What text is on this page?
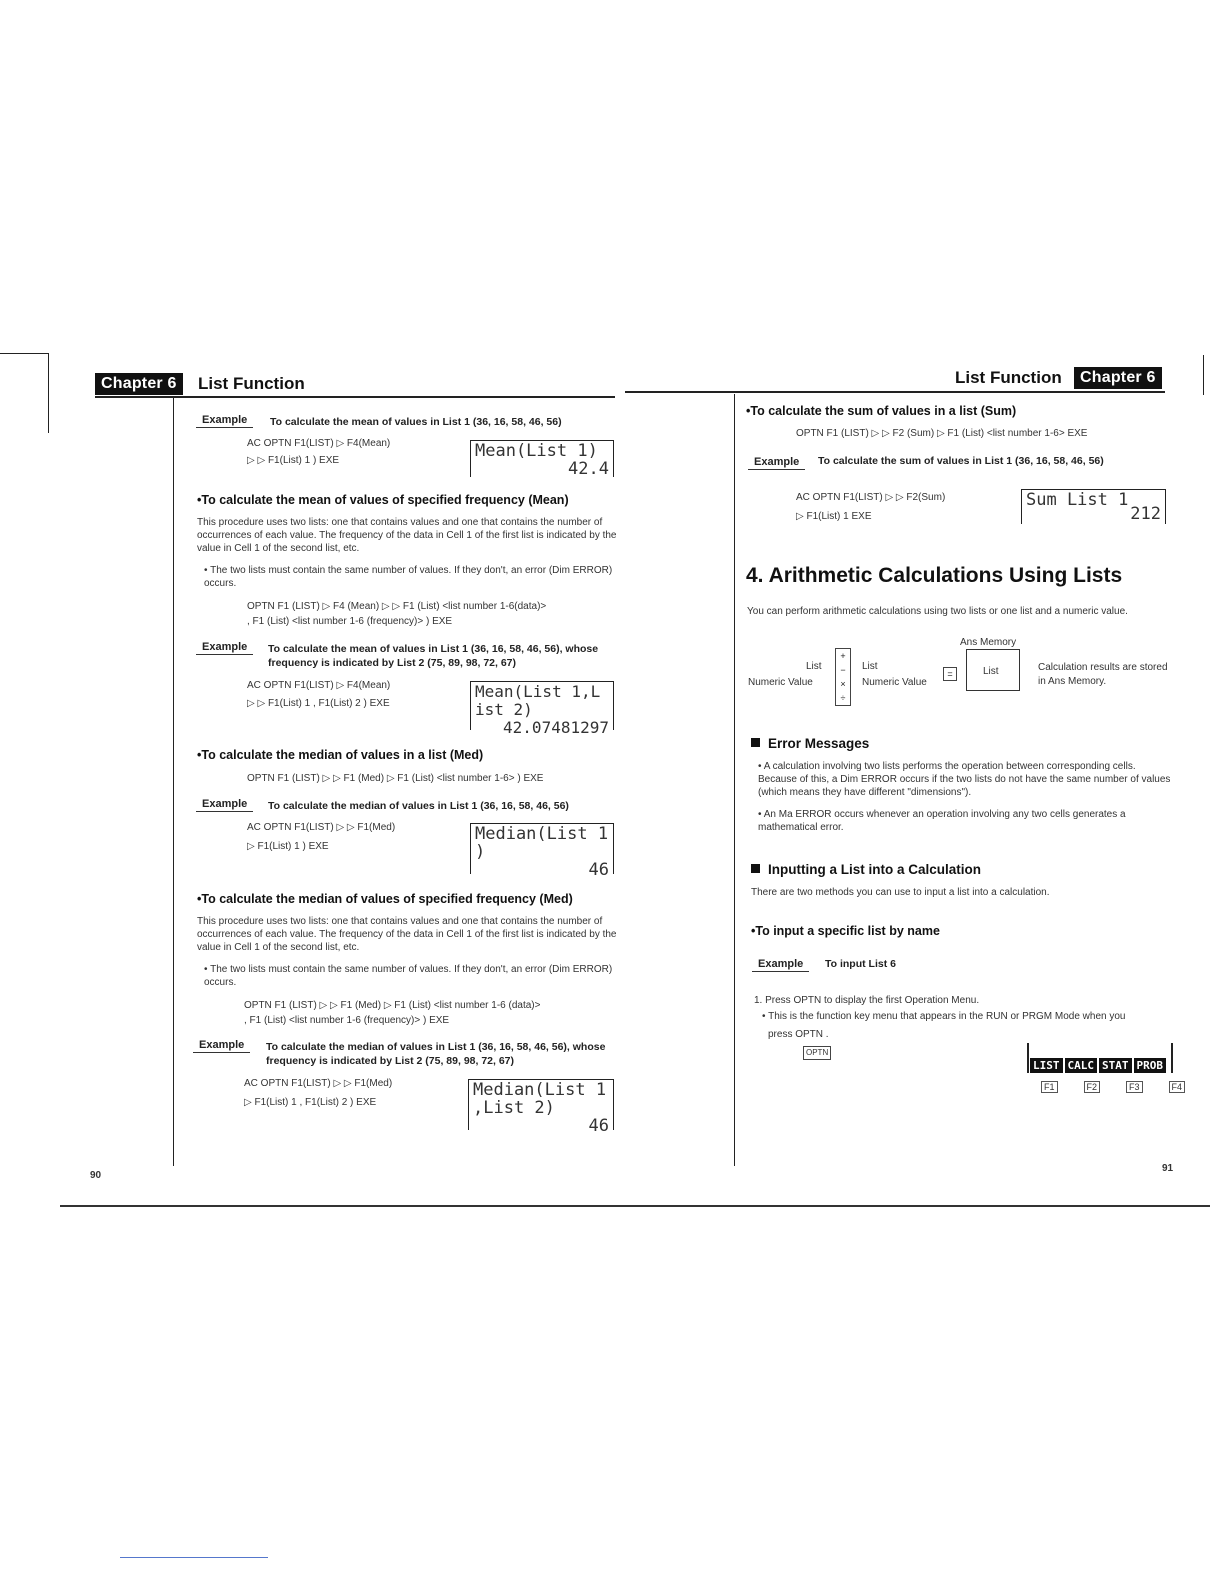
Chapter 6	List Function
Example	To calculate the mean of values in List 1 (36, 16, 58, 46, 56)
AC OPTN F1(LIST) ▷ F4(Mean)
▷ ▷ F1(List) 1 ) EXE	Mean(List 1)
42.4
•To calculate the mean of values of specified frequency (Mean)
This procedure uses two lists: one that contains values and one that contains the number of occurrences of each value. The frequency of the data in Cell 1 of the first list is indicated by the value in Cell 1 of the second list, etc.
• The two lists must contain the same number of values. If they don't, an error (Dim ERROR) occurs.
OPTN F1 (LIST) ▷ F4 (Mean) ▷ ▷ F1 (List) <list number 1-6(data)>
, F1 (List) <list number 1-6 (frequency)> ) EXE
Example	To calculate the mean of values in List 1 (36, 16, 58, 46, 56), whose frequency is indicated by List 2 (75, 89, 98, 72, 67)
AC OPTN F1(LIST) ▷ F4(Mean)
▷ ▷ F1(List) 1 , F1(List) 2 ) EXE
Mean(List 1,L
ist 2)
42.07481297
•To calculate the median of values in a list (Med)
OPTN F1 (LIST) ▷ ▷ F1 (Med) ▷ F1 (List) <list number 1-6> ) EXE
Example	To calculate the median of values in List 1 (36, 16, 58, 46, 56)
AC OPTN F1(LIST) ▷ ▷ F1(Med)
▷ F1(List) 1 ) EXE
Median(List 1
)
46
•To calculate the median of values of specified frequency (Med)
This procedure uses two lists: one that contains values and one that contains the number of occurrences of each value. The frequency of the data in Cell 1 of the first list is indicated by the value in Cell 1 of the second list, etc.
• The two lists must contain the same number of values. If they don't, an error (Dim ERROR) occurs.
OPTN F1 (LIST) ▷ ▷ F1 (Med) ▷ F1 (List) <list number 1-6 (data)>
, F1 (List) <list number 1-6 (frequency)> ) EXE
Example	To calculate the median of values in List 1 (36, 16, 58, 46, 56), whose frequency is indicated by List 2 (75, 89, 98, 72, 67)
AC OPTN F1(LIST) ▷ ▷ F1(Med)
▷ F1(List) 1 , F1(List) 2 ) EXE
Median(List 1
,List 2)
46
90
List Function	Chapter 6
•To calculate the sum of values in a list (Sum)
OPTN F1 (LIST) ▷ ▷ F2 (Sum) ▷ F1 (List) <list number 1-6> EXE
Example	To calculate the sum of values in List 1 (36, 16, 58, 46, 56)
AC OPTN F1(LIST) ▷ ▷ F2(Sum)
▷ F1(List) 1 EXE
Sum List 1
212
4. Arithmetic Calculations Using Lists
You can perform arithmetic calculations using two lists or one list and a numeric value.
Ans Memory
List
Numeric Value
+
−
×
÷
List
Numeric Value
=	List	Calculation results are stored in Ans Memory.
Error Messages
• A calculation involving two lists performs the operation between corresponding cells. Because of this, a Dim ERROR occurs if the two lists do not have the same number of values (which means they have different "dimensions").
• An Ma ERROR occurs whenever an operation involving any two cells generates a mathematical error.
Inputting a List into a Calculation
There are two methods you can use to input a list into a calculation.
•To input a specific list by name
Example	To input List 6
1. Press OPTN to display the first Operation Menu.
• This is the function key menu that appears in the RUN or PRGM Mode when you
press OPTN .
OPTN
LIST CALC STAT PROB
F1	F2	F3	F4
91
